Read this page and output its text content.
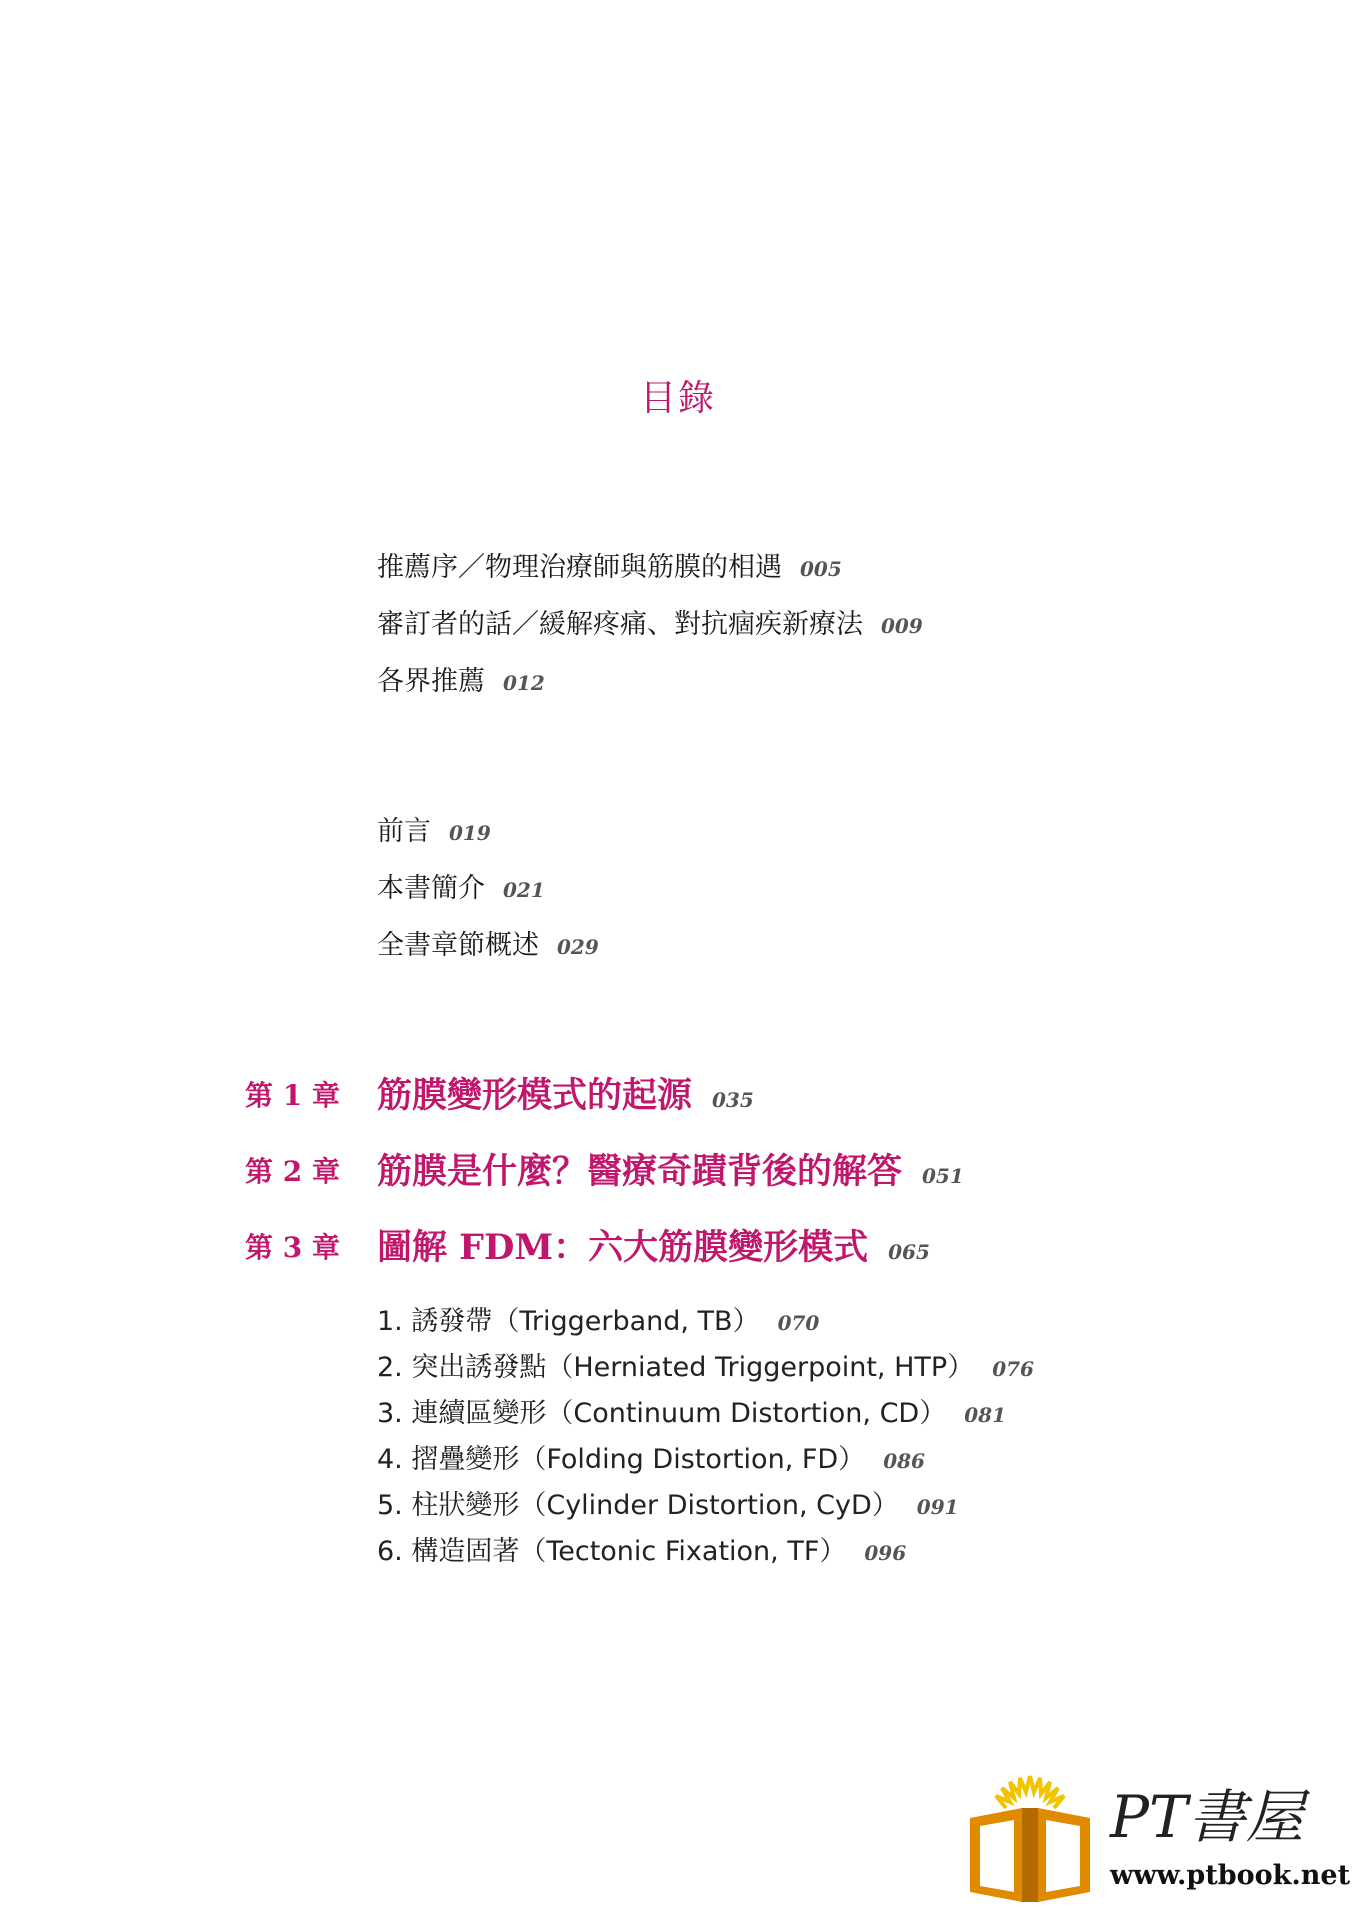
目錄
推薦序／物理治療師與筋膜的相遇 005
審訂者的話／緩解疼痛、對抗痼疾新療法 009
各界推薦 012
前言 019
本書簡介 021
全書章節概述 029
第 1 章 筋膜變形模式的起源 035
第 2 章 筋膜是什麼？醫療奇蹟背後的解答 051
第 3 章 圖解 FDM：六大筋膜變形模式 065
1. 誘發帶（Triggerband, TB） 070
2. 突出誘發點（Herniated Triggerpoint, HTP） 076
3. 連續區變形（Continuum Distortion, CD） 081
4. 摺疊變形（Folding Distortion, FD） 086
5. 柱狀變形（Cylinder Distortion, CyD） 091
6. 構造固著（Tectonic Fixation, TF） 096
PT書屋
www.ptbook.net
